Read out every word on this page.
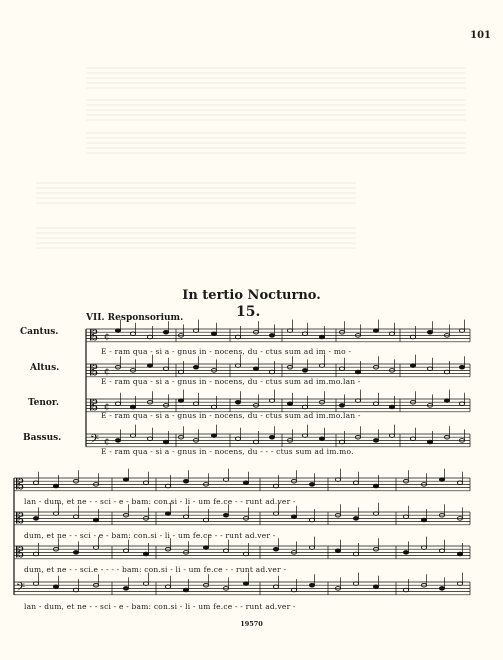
101
In tertio Nocturno.
15.
VII. Responsorium.
Cantus.
Altus.
Tenor.
Bassus.
𝄡 ¢
𝄡 ¢
𝄡 ¢
𝄢 ¢
𝄡
𝄡
𝄡
𝄢
E - ram qua - si a - gnus in - nocens, du - ctus sum ad im - mo -
E - ram qua - si a - gnus in - nocens, du - ctus sum ad im.mo.lan -
E - ram qua - si a - gnus in - nocens, du - ctus sum ad im.mo.lan -
E - ram qua - si a - gnus in - nocens, du - - - ctus sum ad im.mo.
lan - dum, et ne - - sci - e - bam: con.si - li - um fe.ce - - runt ad.ver -
dum, et ne - - sci - e - bam: con.si - li - um fe.ce - - runt ad.ver -
dum, et ne - - sci.e - - - - bam: con.si - li - um fe.ce - - runt ad.ver -
lan - dum, et ne - - sci - e - bam: con.si - li - um fe.ce - - runt ad.ver -
19570
